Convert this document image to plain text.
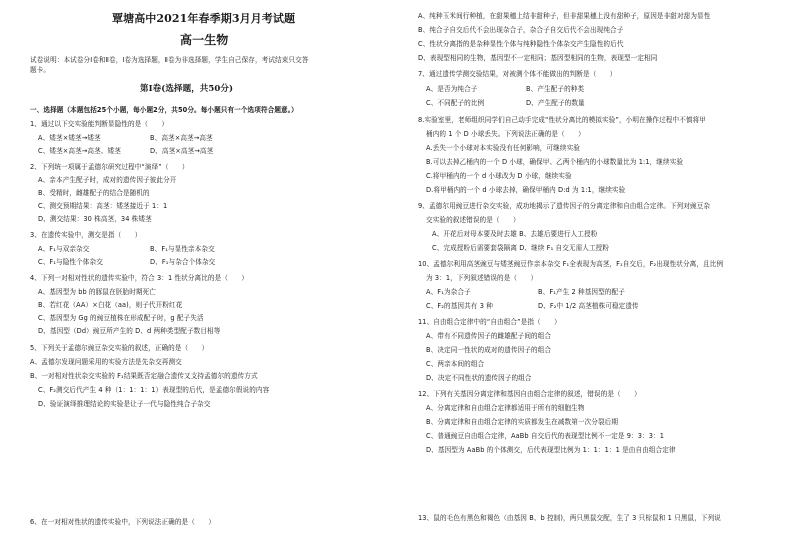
覃塘高中2021年春季期3月月考试题
高一生物
试卷说明：本试卷分Ⅰ卷和Ⅱ卷，Ⅰ卷为选择题，Ⅱ卷为非选择题，学生自己保存，考试结束只交答
题卡。
第Ⅰ卷(选择题，共50分)
一、选择题（本题包括25个小题，每小题2分，共50分。每小题只有一个选项符合题意。）
1、通过以下交实验能判断显隐性的是（　　）
A、矮茎×矮茎→矮茎	B、高茎×高茎→高茎
C、矮茎×高茎→高茎、矮茎	D、高茎×高茎→高茎
2、下列统一项属于孟德尔研究过程中“演绎”（　　）
A、亲本产生配子时，成对的遗传因子彼此分开
B、受精时，雌雄配子的结合是随机的
C、测交预期结果：高茎：矮茎接近于 1：1
D、测交结果：30 株高茎，34 株矮茎
3、在遗传实验中，测交是指（　　）
A、F₁与双亲杂交	B、F₁与显性亲本杂交
C、F₁与隐性个体杂交	D、F₁与杂合个体杂交
4、下列一对相对性状的遗传实验中，符合 3：1 性状分离比的是（　　）
A、基因型为 bb 的豚鼠在胚胎时期死亡
B、若红花（AA）×白花（aa)，则子代开粉红花
C、基因型为 Gg 的豌豆植株在形成配子时，g 配子失活
D、基因型（Dd）豌豆所产生的 D、d 两种类型配子数目相等
5、下列关于孟德尔豌豆杂交实验的叙述，正确的是（　　）
A、孟德尔发现问题采用的实验方法是先杂交再测交
B、一对相对性状杂交实验的 F₁结果既否定融合遗传又支持孟德尔的遗传方式
C、F₂测交后代产生 4 种（1：1：1：1）表现型的后代，是孟德尔假说的内容
D、验证演绎推理结论的实验是让子一代与隐性纯合子杂交
6、在一对相对性状的遗传实验中，下列说法正确的是（　　）
A、纯种玉米间行种植，在甜果穗上结非甜种子，但非甜果穗上没有甜种子，原因是非甜对甜为显性
B、纯合子自交后代不会出现杂合子，杂合子自交后代不会出现纯合子
C、性状分离指的是杂种显性个体与纯种隐性个体杂交产生隐性的后代
D、表现型相同的生物，基因型不一定相同；基因型相同的生物，表现型一定相同
7、通过遗传学测交验结果，对被测个体不能做出的判断是（　　）
A、是否为纯合子	B、产生配子的种类
C、不同配子的比例	D、产生配子的数量
8.实验室里，老师组织同学们自己动手完成“性状分离比的模拟实验”，小明在操作过程中不慎将甲
桶内的 1 个 D 小球丢失。下列说法正确的是（　　）
A.丢失一个小球对本实验没有任何影响，可继续实验
B.可以去掉乙桶内的一个 D 小球，确保甲、乙两个桶内的小球数量比为 1:1，继续实验
C.将甲桶内的一个 d 小球改为 D 小球，继续实验
D.将甲桶内的一个 d 小球去掉，确保甲桶内 D:d 为 1:1，继续实验
9、孟德尔用豌豆进行杂交实验，成功地揭示了遗传因子的分离定律和自由组合定律。下列对豌豆杂
交实验的叙述错误的是（　　）
A、开花后对母本要及时去雄 B、去雄后要进行人工授粉
C、完成授粉后需要套袋隔离 D、继续 F₁ 自交无需人工授粉
10、孟德尔利用高茎豌豆与矮茎豌豆作亲本杂交 F₁全表现为高茎，F₁自交后，F₂出现性状分离，且比例
为 3：1，下列叙述错误的是（　　）
A、F₁为杂合子	B、F₁产生 2 种基因型的配子
C、F₂的基因共有 3 种	D、F₂中 1/2 高茎植株可稳定遗传
11、自由组合定律中的“自由组合”是指（　　）
A、带有不同遗传因子的雌雄配子间的组合
B、决定同一性状的成对的遗传因子的组合
C、两亲本间的组合
D、决定不同性状的遗传因子的组合
12、下列有关基因分离定律和基因自由组合定律的叙述，错误的是（　　）
A、分离定律和自由组合定律都适用于所有的细胞生物
B、分离定律和自由组合定律的实质都发生在减数第一次分裂后期
C、普通豌豆自由组合定律，AaBb 自交后代的表现型比例不一定是 9：3：3：1
D、基因型为 AaBb 的个体测交，后代表现型比例为 1：1：1：1 是由自由组合定律
13、鼠的毛色有黑色和褐色（由基因 B、b 控制)，两只黑鼠交配，生了 3 只棕鼠和 1 只黑鼠，下列说
